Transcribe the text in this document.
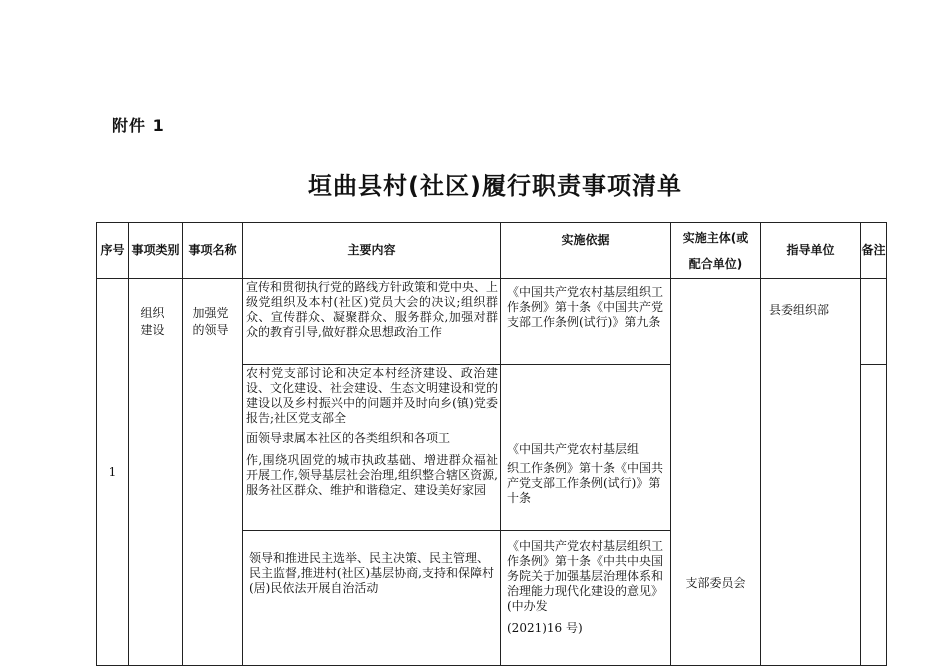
附件 1
垣曲县村(社区)履行职责事项清单
序号	事项类别	事项名称	主要内容	实施依据	实施主体(或
配合单位)	指导单位	备注

1	组织建设	加强党的领导	宣传和贯彻执行党的路线方针政策和党中央、上级党组织及本村(社区)党员大会的决议;组织群众、宣传群众、凝聚群众、服务群众,加强对群众的教育引导,做好群众思想政治工作	《中国共产党农村基层组织工作条例》第十条《中国共产党支部工作条例(试行)》第九条	支部委员会	县委组织部	

			农村党支部讨论和决定本村经济建设、政治建设、文化建设、社会建设、生态文明建设和党的建设以及乡村振兴中的问题并及时向乡(镇)党委报告;社区党支部全
面领导隶属本社区的各类组织和各项工
作,围绕巩固党的城市执政基础、增进群众福祉开展工作,领导基层社会治理,组织整合辖区资源,服务社区群众、维护和谐稳定、建设美好家园	《中国共产党农村基层组
织工作条例》第十条《中国共产党支部工作条例(试行)》第十条			

			领导和推进民主选举、民主决策、民主管理、民主监督,推进村(社区)基层协商,支持和保障村(居)民依法开展自治活动	《中国共产党农村基层组织工作条例》第十条《中共中央国务院关于加强基层治理体系和治理能力现代化建设的意见》(中办发
(2021)16 号)			
